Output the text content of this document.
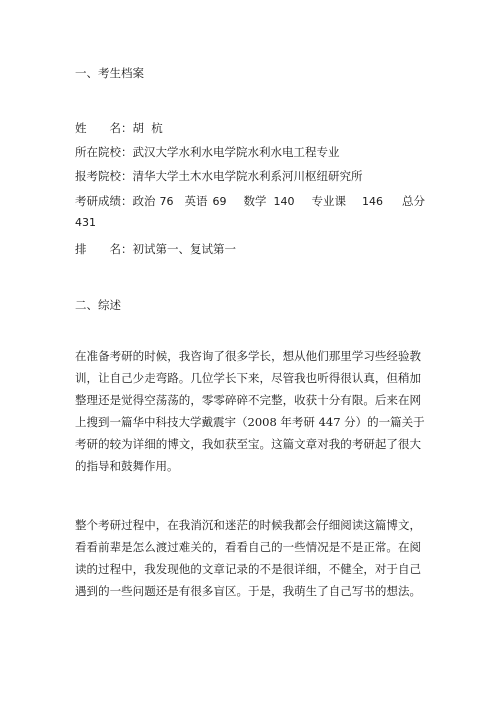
一、考生档案
姓　　名：胡  杭
所在院校：武汉大学水利水电学院水利水电工程专业
报考院校：清华大学土木水电学院水利系河川枢纽研究所
考研成绩：政治 76 英语 69 数学 140 专业课 146 总分
431
排　　名：初试第一、复试第一
二、综述
在准备考研的时候，我咨询了很多学长，想从他们那里学习些经验教
训，让自己少走弯路。几位学长下来，尽管我也听得很认真，但稍加
整理还是觉得空荡荡的，零零碎碎不完整，收获十分有限。后来在网
上搜到一篇华中科技大学戴震宇（2008 年考研 447 分）的一篇关于
考研的较为详细的博文，我如获至宝。这篇文章对我的考研起了很大
的指导和鼓舞作用。
整个考研过程中，在我消沉和迷茫的时候我都会仔细阅读这篇博文，
看看前辈是怎么渡过难关的，看看自己的一些情况是不是正常。在阅
读的过程中，我发现他的文章记录的不是很详细，不健全，对于自己
遇到的一些问题还是有很多盲区。于是，我萌生了自己写书的想法。
